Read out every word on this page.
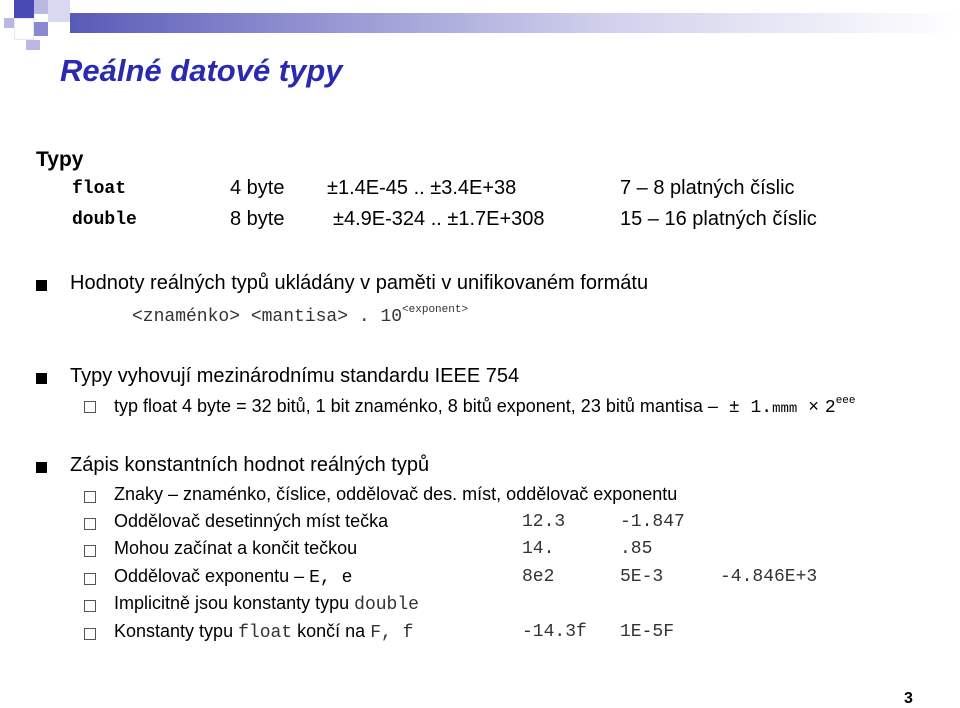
Reálné datové typy
Typy
float	4 byte ±1.4E-45 .. ±3.4E+38	7 – 8 platných číslic
double	8 byte ±4.9E-324 .. ±1.7E+308	15 – 16 platných číslic
Hodnoty reálných typů ukládány v paměti v unifikovaném formátu
<znaménko> <mantisa> . $10^{<exponent>}$
Typy vyhovují mezinárodnímu standardu IEEE 754
typ float 4 byte = 32 bitů, 1 bit znaménko, 8 bitů exponent, 23 bitů mantisa – ± $1.mmm \times 2^{eee}$
Zápis konstantních hodnot reálných typů
Znaky – znaménko, číslice, oddělovač des. míst, oddělovač exponentu
Oddělovač desetinných míst tečka	12.3	-1.847
Mohou začínat a končit tečkou	14.	.85
Oddělovač exponentu – E, e	8e2	5E-3	-4.846E+3
Implicitně jsou konstanty typu double
Konstanty typu float končí na F, f	-14.3f 1E-5F
3
